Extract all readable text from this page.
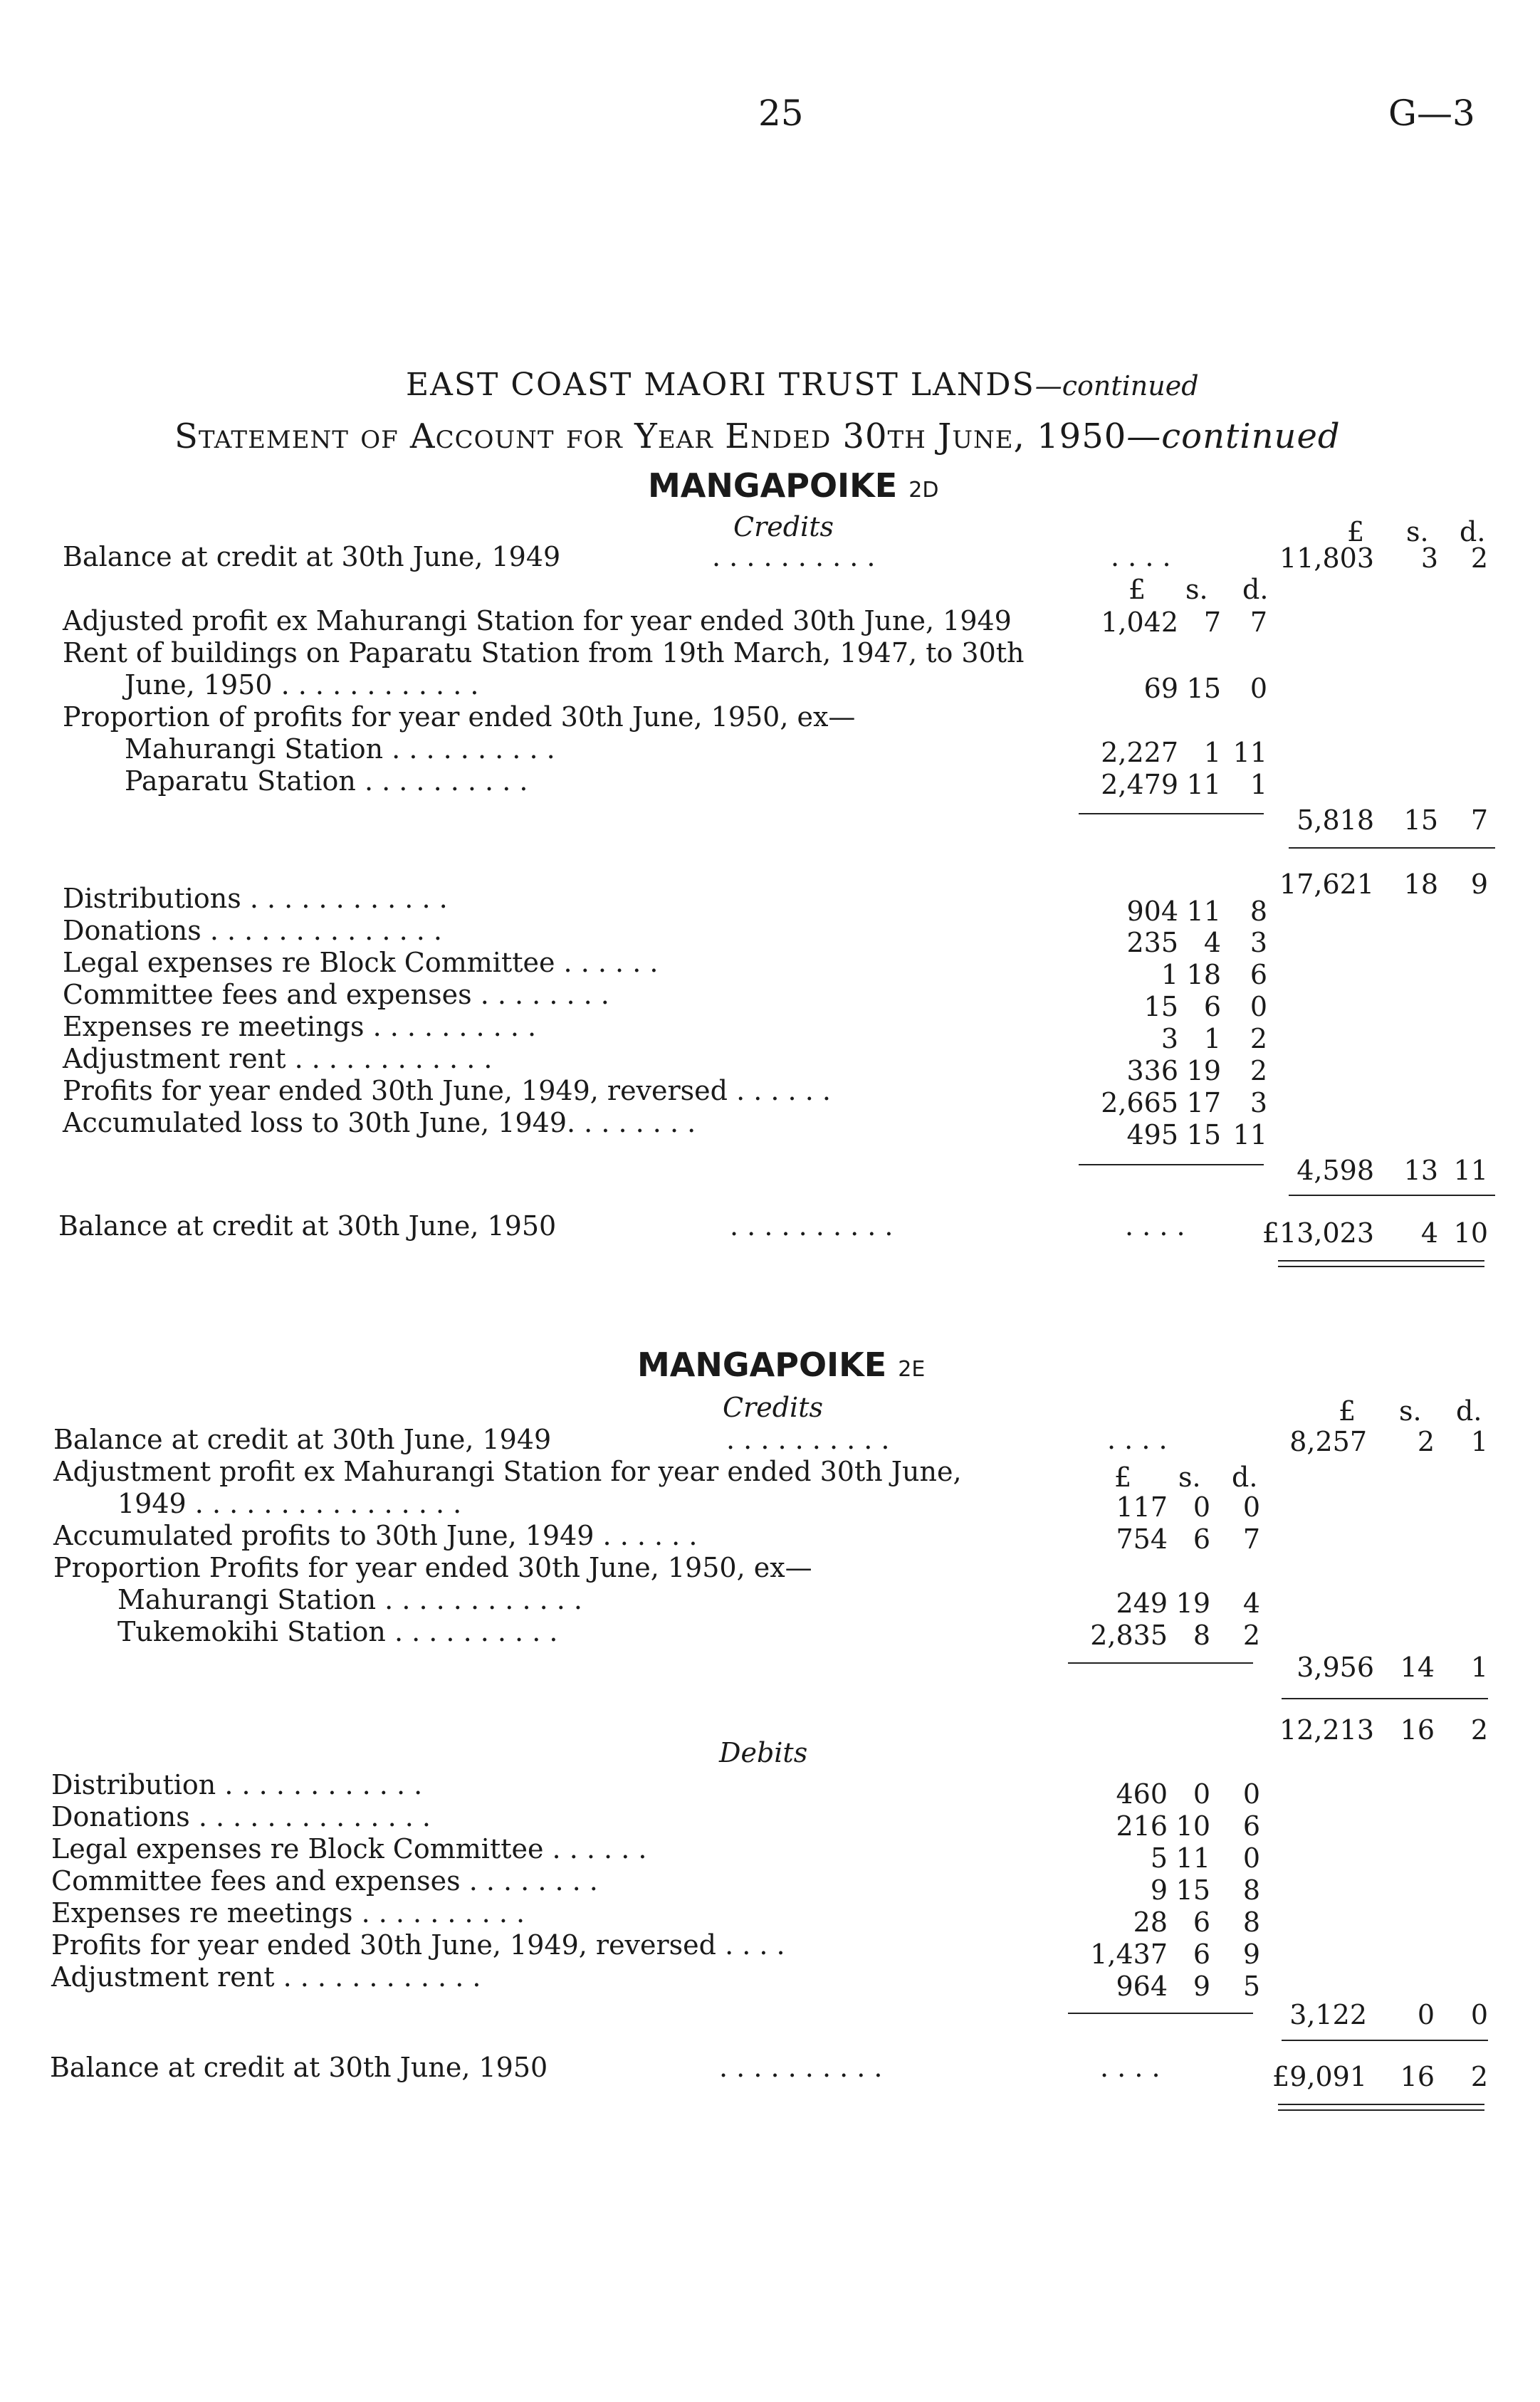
25	G—3
EAST COAST MAORI TRUST LANDS—continued
Statement of Account for Year Ended 30th June, 1950—continued
MANGAPOIKE 2D
Credits	£ s. d.
Balance at credit at 30th June, 1949	. . . . . . . . . .	. . . .	11,803	3	2
£ s. d.
Adjusted profit ex Mahurangi Station for year ended 30th June, 1949	1,042 7	7
Rent of buildings on Paparatu Station from 19th March, 1947, to 30th
June, 1950 . . . . . . . . . . . .	69 15	0
Proportion of profits for year ended 30th June, 1950, ex—
Mahurangi Station . . . . . . . . . .	2,227 1 11
Paparatu Station . . . . . . . . . .	2,479 11	1
5,818	15	7
17,621	18	9
Distributions . . . . . . . . . . . .	904 11	8
Donations . . . . . . . . . . . . . .	235 4	3
Legal expenses re Block Committee . . . . . .	1 18	6
Committee fees and expenses . . . . . . . .	15 6	0
Expenses re meetings . . . . . . . . . .	3 1	2
Adjustment rent . . . . . . . . . . . .	336 19	2
Profits for year ended 30th June, 1949, reversed . . . . . .	2,665 17	3
Accumulated loss to 30th June, 1949. . . . . . . .	495 15 11
4,598	13 11
Balance at credit at 30th June, 1950	. . . . . . . . . .	. . . .	£13,023	4 10
MANGAPOIKE 2E
Credits	£ s. d.
Balance at credit at 30th June, 1949	. . . . . . . . . .	. . . .	8,257	2	1
£ s. d.
Adjustment profit ex Mahurangi Station for year ended 30th June,
1949 . . . . . . . . . . . . . . . .	117 0	0
Accumulated profits to 30th June, 1949 . . . . . .	754 6	7
Proportion Profits for year ended 30th June, 1950, ex—
Mahurangi Station . . . . . . . . . . . .	249 19	4
Tukemokihi Station . . . . . . . . . .	2,835 8	2
3,956 14	1
12,213 16	2
Debits
Distribution . . . . . . . . . . . .	460 0	0
Donations . . . . . . . . . . . . . .	216 10	6
Legal expenses re Block Committee . . . . . .	5 11	0
Committee fees and expenses . . . . . . . .	9 15	8
Expenses re meetings . . . . . . . . . .	28 6	8
Profits for year ended 30th June, 1949, reversed . . . .	1,437 6	9
Adjustment rent . . . . . . . . . . . .	964 9	5
3,122	0	0
Balance at credit at 30th June, 1950	. . . . . . . . . .	. . . .	£9,091	16	2
